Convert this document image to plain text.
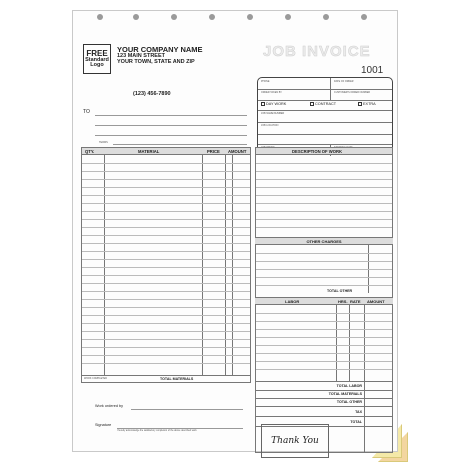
FREE
Standard
Logo
YOUR COMPANY NAME
123 MAIN STREET
YOUR TOWN, STATE AND ZIP
(123) 456-7890
JOB INVOICE
1001
PHONE	DATE OF ORDER
ORDER TAKEN BY	CUSTOMER'S ORDER NUMBER
DAY WORK	CONTRACT	EXTRA
JOB NAME/NUMBER
JOB LOCATION
TO
TERMS
QTY.	MATERIAL	PRICE AMOUNT
WORK COMPLETED	TOTAL MATERIALS
DESCRIPTION OF WORK
OTHER CHARGES
TOTAL OTHER
LABOR	HRS. RATE AMOUNT
TOTAL LABOR
TOTAL MATERIALS
TOTAL OTHER
TAX
TOTAL
Thank You
Work ordered by
Signature
I hereby acknowledge the satisfactory completion of the above described work.
